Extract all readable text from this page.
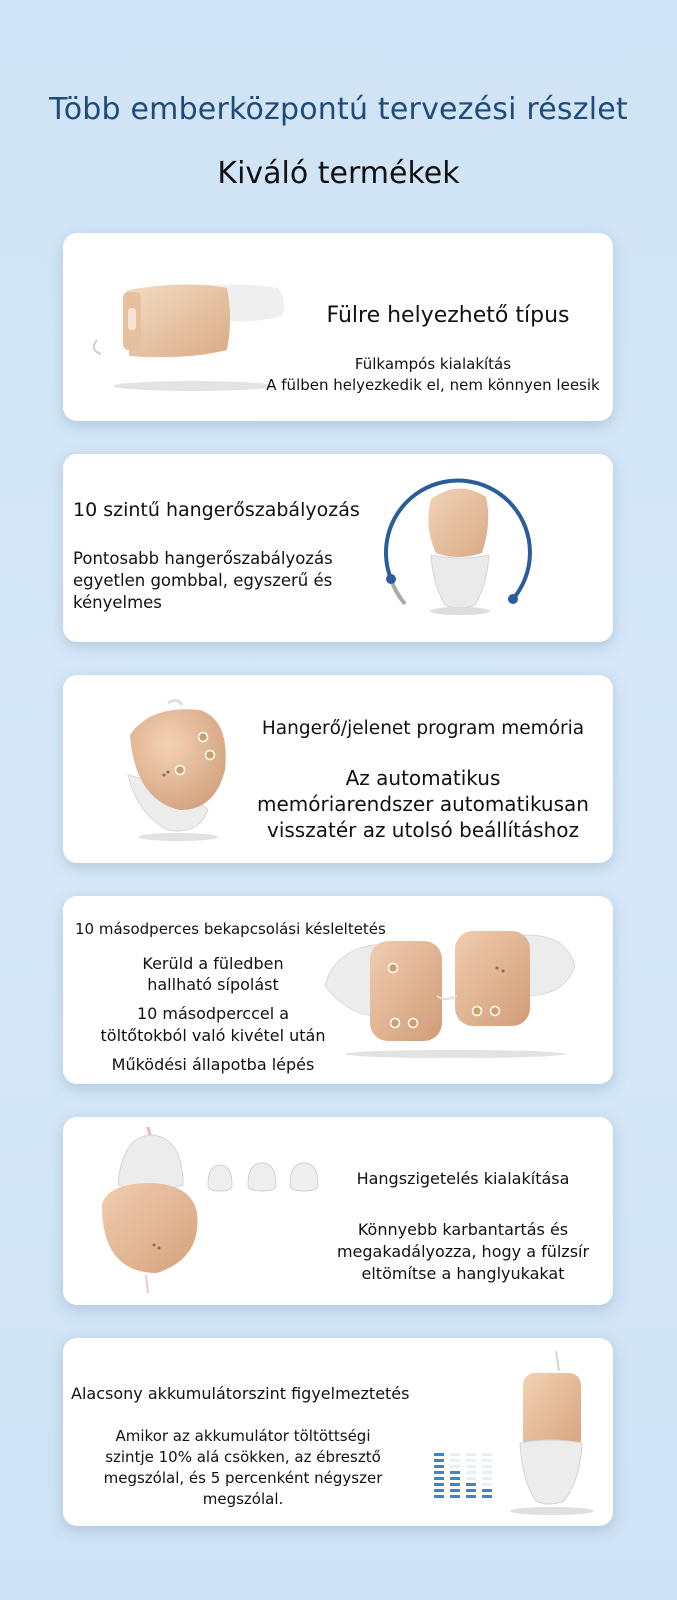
Több emberközpontú tervezési részlet
Kiváló termékek
Fülre helyezhető típus
Fülkampós kialakítás
A fülben helyezkedik el, nem könnyen leesik
10 szintű hangerőszabályozás
Pontosabb hangerőszabályozás
egyetlen gombbal, egyszerű és
kényelmes
Hangerő/jelenet program memória
Az automatikus
memóriarendszer automatikusan
visszatér az utolsó beállításhoz
10 másodperces bekapcsolási késleltetés
Kerüld a füledben
hallható sípolást
10 másodperccel a
töltőtokból való kivétel után
Működési állapotba lépés
Hangszigetelés kialakítása
Könnyebb karbantartás és
megakadályozza, hogy a fülzsír
eltömítse a hanglyukakat
Alacsony akkumulátorszint figyelmeztetés
Amikor az akkumulátor töltöttségi
szintje 10% alá csökken, az ébresztő
megszólal, és 5 percenként négyszer
megszólal.
